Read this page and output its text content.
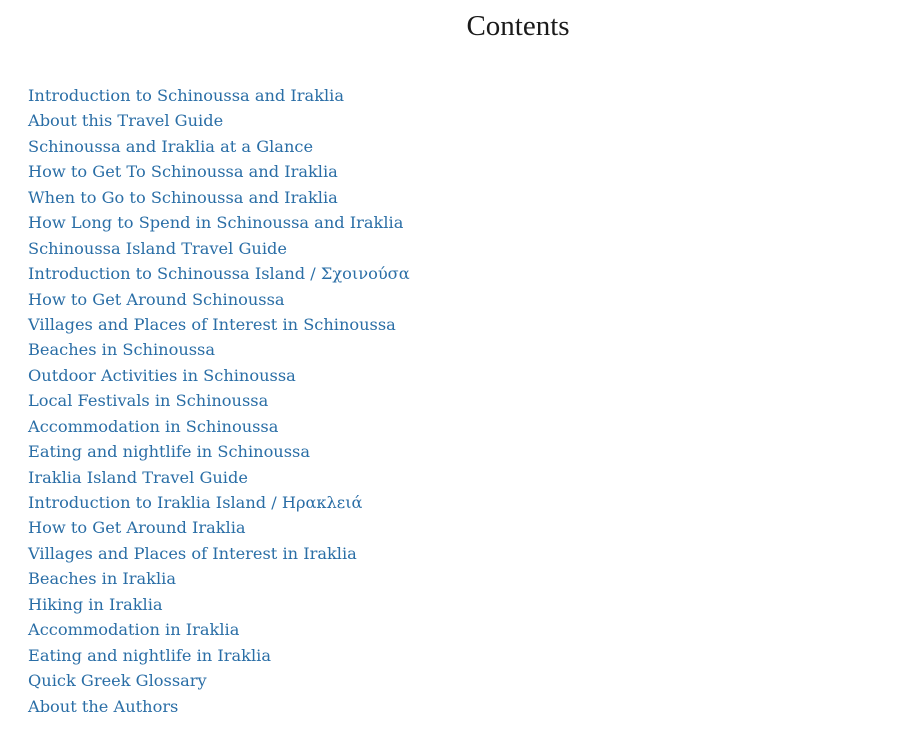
Contents
Introduction to Schinoussa and Iraklia
About this Travel Guide
Schinoussa and Iraklia at a Glance
How to Get To Schinoussa and Iraklia
When to Go to Schinoussa and Iraklia
How Long to Spend in Schinoussa and Iraklia
Schinoussa Island Travel Guide
Introduction to Schinoussa Island / Σχοινούσα
How to Get Around Schinoussa
Villages and Places of Interest in Schinoussa
Beaches in Schinoussa
Outdoor Activities in Schinoussa
Local Festivals in Schinoussa
Accommodation in Schinoussa
Eating and nightlife in Schinoussa
Iraklia Island Travel Guide
Introduction to Iraklia Island / Ηρακλειά
How to Get Around Iraklia
Villages and Places of Interest in Iraklia
Beaches in Iraklia
Hiking in Iraklia
Accommodation in Iraklia
Eating and nightlife in Iraklia
Quick Greek Glossary
About the Authors
